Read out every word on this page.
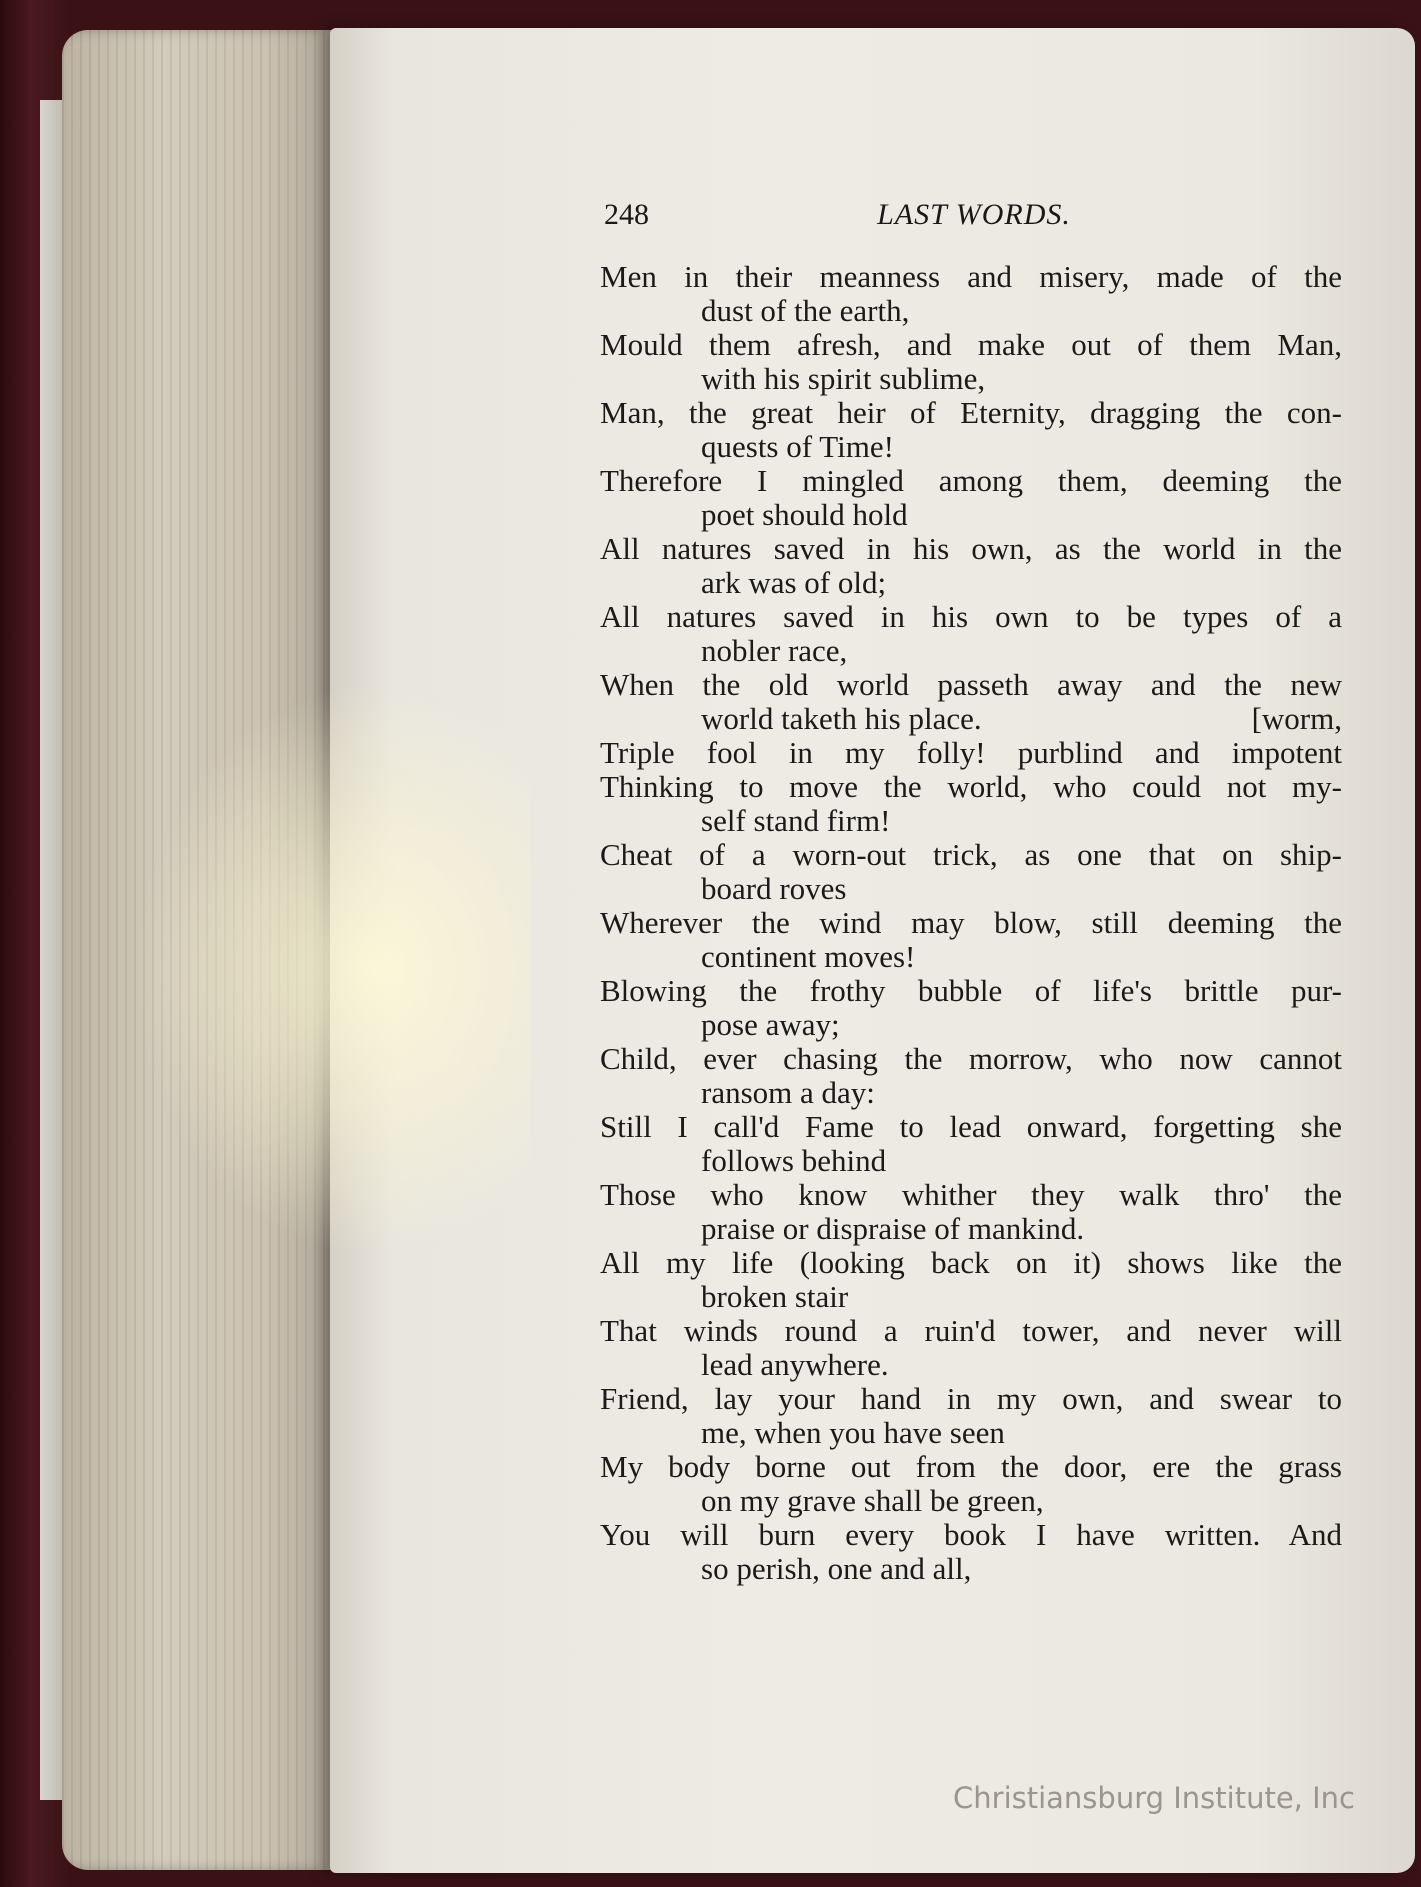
248	LAST WORDS.
Men in their meanness and misery, made of the
dust of the earth,
Mould them afresh, and make out of them Man,
with his spirit sublime,
Man, the great heir of Eternity, dragging the con-
quests of Time!
Therefore I mingled among them, deeming the
poet should hold
All natures saved in his own, as the world in the
ark was of old;
All natures saved in his own to be types of a
nobler race,
When the old world passeth away and the new
world taketh his place.	[worm,
Triple fool in my folly! purblind and impotent
Thinking to move the world, who could not my-
self stand firm!
Cheat of a worn-out trick, as one that on ship-
board roves
Wherever the wind may blow, still deeming the
continent moves!
Blowing the frothy bubble of life's brittle pur-
pose away;
Child, ever chasing the morrow, who now cannot
ransom a day:
Still I call'd Fame to lead onward, forgetting she
follows behind
Those who know whither they walk thro' the
praise or dispraise of mankind.
All my life (looking back on it) shows like the
broken stair
That winds round a ruin'd tower, and never will
lead anywhere.
Friend, lay your hand in my own, and swear to
me, when you have seen
My body borne out from the door, ere the grass
on my grave shall be green,
You will burn every book I have written. And
so perish, one and all,
Christiansburg Institute, Inc
